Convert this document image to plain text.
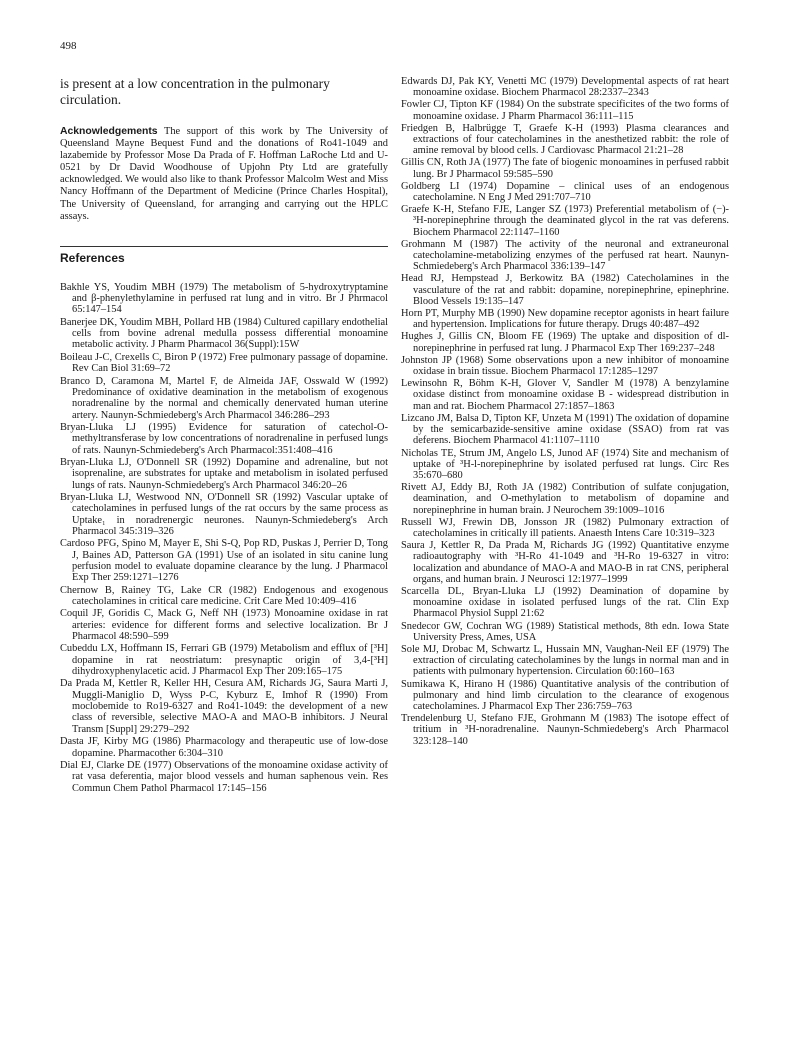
498

is present at a low concentration in the pulmonary circulation.

Acknowledgements The support of this work by The University of Queensland Mayne Bequest Fund and the donations of Ro41-1049 and lazabemide by Professor Mose Da Prada of F. Hoffman LaRoche Ltd and U-0521 by Dr David Woodhouse of Upjohn Pty Ltd are gratefully acknowledged. We would also like to thank Professor Malcolm West and Miss Nancy Hoffmann of the Department of Medicine (Prince Charles Hospital), The University of Queensland, for arranging and carrying out the HPLC assays.

References
Bakhle YS, Youdim MBH (1979) The metabolism of 5-hydroxytryptamine and β-phenylethylamine in perfused rat lung and in vitro. Br J Phrmacol 65:147–154
Banerjee DK, Youdim MBH, Pollard HB (1984) Cultured capillary endothelial cells from bovine adrenal medulla possess differential monoamine metabolic activity. J Pharm Pharmacol 36(Suppl):15W
Boileau J-C, Crexells C, Biron P (1972) Free pulmonary passage of dopamine. Rev Can Biol 31:69–72
Branco D, Caramona M, Martel F, de Almeida JAF, Osswald W (1992) Predominance of oxidative deamination in the metabolism of exogenous noradrenaline by the normal and chemically denervated human uterine artery. Naunyn-Schmiedeberg's Arch Pharmacol 346:286–293
Bryan-Lluka LJ (1995) Evidence for saturation of catechol-O-methyltransferase by low concentrations of noradrenaline in perfused lungs of rats. Naunyn-Schmiedeberg's Arch Pharmacol:351:408–416
Bryan-Lluka LJ, O'Donnell SR (1992) Dopamine and adrenaline, but not isoprenaline, are substrates for uptake and metabolism in isolated perfused lungs of rats. Naunyn-Schmiedeberg's Arch Pharmacol 346:20–26
Bryan-Lluka LJ, Westwood NN, O'Donnell SR (1992) Vascular uptake of catecholamines in perfused lungs of the rat occurs by the same process as Uptake₁ in noradrenergic neurones. Naunyn-Schmiedeberg's Arch Pharmacol 345:319–326
Cardoso PFG, Spino M, Mayer E, Shi S-Q, Pop RD, Puskas J, Perrier D, Tong J, Baines AD, Patterson GA (1991) Use of an isolated in situ canine lung perfusion model to evaluate dopamine clearance by the lung. J Pharmacol Exp Ther 259:1271–1276
Chernow B, Rainey TG, Lake CR (1982) Endogenous and exogenous catecholamines in critical care medicine. Crit Care Med 10:409–416
Coquil JF, Goridis C, Mack G, Neff NH (1973) Monoamine oxidase in rat arteries: evidence for different forms and selective localization. Br J Pharmacol 48:590–599
Cubeddu LX, Hoffmann IS, Ferrari GB (1979) Metabolism and efflux of [³H] dopamine in rat neostriatum: presynaptic origin of 3,4-[³H] dihydroxyphenylacetic acid. J Pharmacol Exp Ther 209:165–175
Da Prada M, Kettler R, Keller HH, Cesura AM, Richards JG, Saura Marti J, Muggli-Maniglio D, Wyss P-C, Kyburz E, Imhof R (1990) From moclobemide to Ro19-6327 and Ro41-1049: the development of a new class of reversible, selective MAO-A and MAO-B inhibitors. J Neural Transm [Suppl] 29:279–292
Dasta JF, Kirby MG (1986) Pharmacology and therapeutic use of low-dose dopamine. Pharmacother 6:304–310
Dial EJ, Clarke DE (1977) Observations of the monoamine oxidase activity of rat vasa deferentia, major blood vessels and human saphenous vein. Res Commun Chem Pathol Pharmacol 17:145–156
Edwards DJ, Pak KY, Venetti MC (1979) Developmental aspects of rat heart monoamine oxidase. Biochem Pharmacol 28:2337–2343
Fowler CJ, Tipton KF (1984) On the substrate specificites of the two forms of monoamine oxidase. J Pharm Pharmacol 36:111–115
Friedgen B, Halbrügge T, Graefe K-H (1993) Plasma clearances and extractions of four catecholamines in the anesthetized rabbit: the role of amine removal by blood cells. J Cardiovasc Pharmacol 21:21–28
Gillis CN, Roth JA (1977) The fate of biogenic monoamines in perfused rabbit lung. Br J Pharmacol 59:585–590
Goldberg LI (1974) Dopamine – clinical uses of an endogenous catecholamine. N Eng J Med 291:707–710
Graefe K-H, Stefano FJE, Langer SZ (1973) Preferential metabolism of (−)-³H-norepinephrine through the deaminated glycol in the rat vas deferens. Biochem Pharmacol 22:1147–1160
Grohmann M (1987) The activity of the neuronal and extraneuronal catecholamine-metabolizing enzymes of the perfused rat heart. Naunyn-Schmiedeberg's Arch Pharmacol 336:139–147
Head RJ, Hempstead J, Berkowitz BA (1982) Catecholamines in the vasculature of the rat and rabbit: dopamine, norepinephrine, epinephrine. Blood Vessels 19:135–147
Horn PT, Murphy MB (1990) New dopamine receptor agonists in heart failure and hypertension. Implications for future therapy. Drugs 40:487–492
Hughes J, Gillis CN, Bloom FE (1969) The uptake and disposition of dl-norepinephrine in perfused rat lung. J Pharmacol Exp Ther 169:237–248
Johnston JP (1968) Some observations upon a new inhibitor of monoamine oxidase in brain tissue. Biochem Pharmacol 17:1285–1297
Lewinsohn R, Böhm K-H, Glover V, Sandler M (1978) A benzylamine oxidase distinct from monoamine oxidase B - widespread distribution in man and rat. Biochem Pharmacol 27:1857–1863
Lizcano JM, Balsa D, Tipton KF, Unzeta M (1991) The oxidation of dopamine by the semicarbazide-sensitive amine oxidase (SSAO) from rat vas deferens. Biochem Pharmacol 41:1107–1110
Nicholas TE, Strum JM, Angelo LS, Junod AF (1974) Site and mechanism of uptake of ³H-l-norepinephrine by isolated perfused rat lungs. Circ Res 35:670–680
Rivett AJ, Eddy BJ, Roth JA (1982) Contribution of sulfate conjugation, deamination, and O-methylation to metabolism of dopamine and norepinephrine in human brain. J Neurochem 39:1009–1016
Russell WJ, Frewin DB, Jonsson JR (1982) Pulmonary extraction of catecholamines in critically ill patients. Anaesth Intens Care 10:319–323
Saura J, Kettler R, Da Prada M, Richards JG (1992) Quantitative enzyme radioautography with ³H-Ro 41-1049 and ³H-Ro 19-6327 in vitro: localization and abundance of MAO-A and MAO-B in rat CNS, peripheral organs, and human brain. J Neurosci 12:1977–1999
Scarcella DL, Bryan-Lluka LJ (1992) Deamination of dopamine by monoamine oxidase in isolated perfused lungs of the rat. Clin Exp Pharmacol Physiol Suppl 21:62
Snedecor GW, Cochran WG (1989) Statistical methods, 8th edn. Iowa State University Press, Ames, USA
Sole MJ, Drobac M, Schwartz L, Hussain MN, Vaughan-Neil EF (1979) The extraction of circulating catecholamines by the lungs in normal man and in patients with pulmonary hypertension. Circulation 60:160–163
Sumikawa K, Hirano H (1986) Quantitative analysis of the contribution of pulmonary and hind limb circulation to the clearance of exogenous catecholamines. J Pharmacol Exp Ther 236:759–763
Trendelenburg U, Stefano FJE, Grohmann M (1983) The isotope effect of tritium in ³H-noradrenaline. Naunyn-Schmiedeberg's Arch Pharmacol 323:128–140
